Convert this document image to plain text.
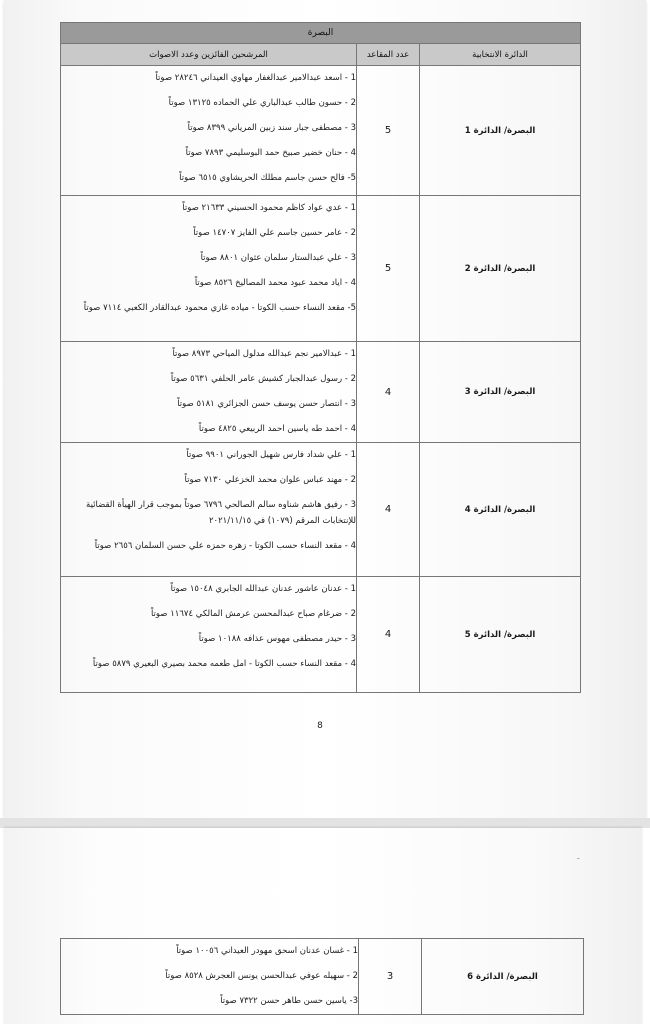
البصرة		
المرشحين الفائزين وعدد الاصوات	عدد المقاعد	الدائرة الانتخابية

1 - اسعد عبدالامير عبدالغفار مهاوي العيداني ٢٨٢٤٦ صوتاً
2 - حسون طالب عبدالباري علي الحماده ١٣١٢٥ صوتاً
3 - مصطفى جبار سند زبين المرياني ٨٣٩٩ صوتاً
4 - حنان خضير صبيخ حمد البوسليمي ٧٨٩٣ صوتاً
5- فالح حسن جاسم مطلك الحريشاوي ٦٥١٥ صوتاً	5	البصرة/ الدائرة 1

1 - عدي عواد كاظم محمود الحسيني ٢١٦٣٣ صوتاً
2 - عامر حسين جاسم علي الفايز ١٤٧٠٧ صوتاً
3 - علي عبدالستار سلمان عثوان ٨٨٠١ صوتاً
4 - اياد محمد عبود محمد المصاليخ ٨٥٢٦ صوتاً
5- مقعد النساء حسب الكوتا - مياده غازي محمود عبدالقادر الكعبي ٧١١٤ صوتاً	5	البصرة/ الدائرة 2

1 - عبدالامير نجم عبدالله مدلول المياحي ٨٩٧٣ صوتاً
2 - رسول عبدالجبار كشيش عامر الحلفي ٥٦٣١ صوتاً
3 - انتصار حسن يوسف حسن الجزائري ٥١٨١ صوتاً
4 - احمد طه ياسين احمد الربيعي ٤٨٢٥ صوتاً	4	البصرة/ الدائرة 3

1 - علي شداد فارس شهيل الجوراني ٩٩٠١ صوتاً
2 - مهند عباس علوان محمد الخزعلي ٧١٣٠ صوتاً
3 - رفيق هاشم شناوه سالم الصالحي ٦٧٩٦ صوتاً بموجب قرار الهيأة القضائية للإنتخابات المرقم (١٠٧٩) في ٢٠٢١/١١/١٥
4 - مقعد النساء حسب الكوتا - زهره حمزه علي حسن السلمان ٢٦٥٦ صوتاً	4	البصرة/ الدائرة 4

1 - عدنان عاشور عدنان عبدالله الجابري ١٥٠٤٨ صوتاً
2 - ضرغام صباح عبدالمحسن عرمش المالكي ١١٦٧٤ صوتاً
3 - حيدر مصطفى مهوس عذافه ١٠١٨٨ صوتاً
4 - مقعد النساء حسب الكوتا - امل طعمه محمد بصيري البعيري ٥٨٧٩ صوتاً	4	البصرة/ الدائرة 5
8
ـ
1 - غسان عدنان اسحق مهودر العيداني ١٠٠٥٦ صوتاً
2 - سهيله عوفي عبدالحسن يونس العجرش ٨٥٢٨ صوتاً
3- ياسين حسن طاهر حسن ٧٣٢٢ صوتاً
	3	البصرة/ الدائرة 6
